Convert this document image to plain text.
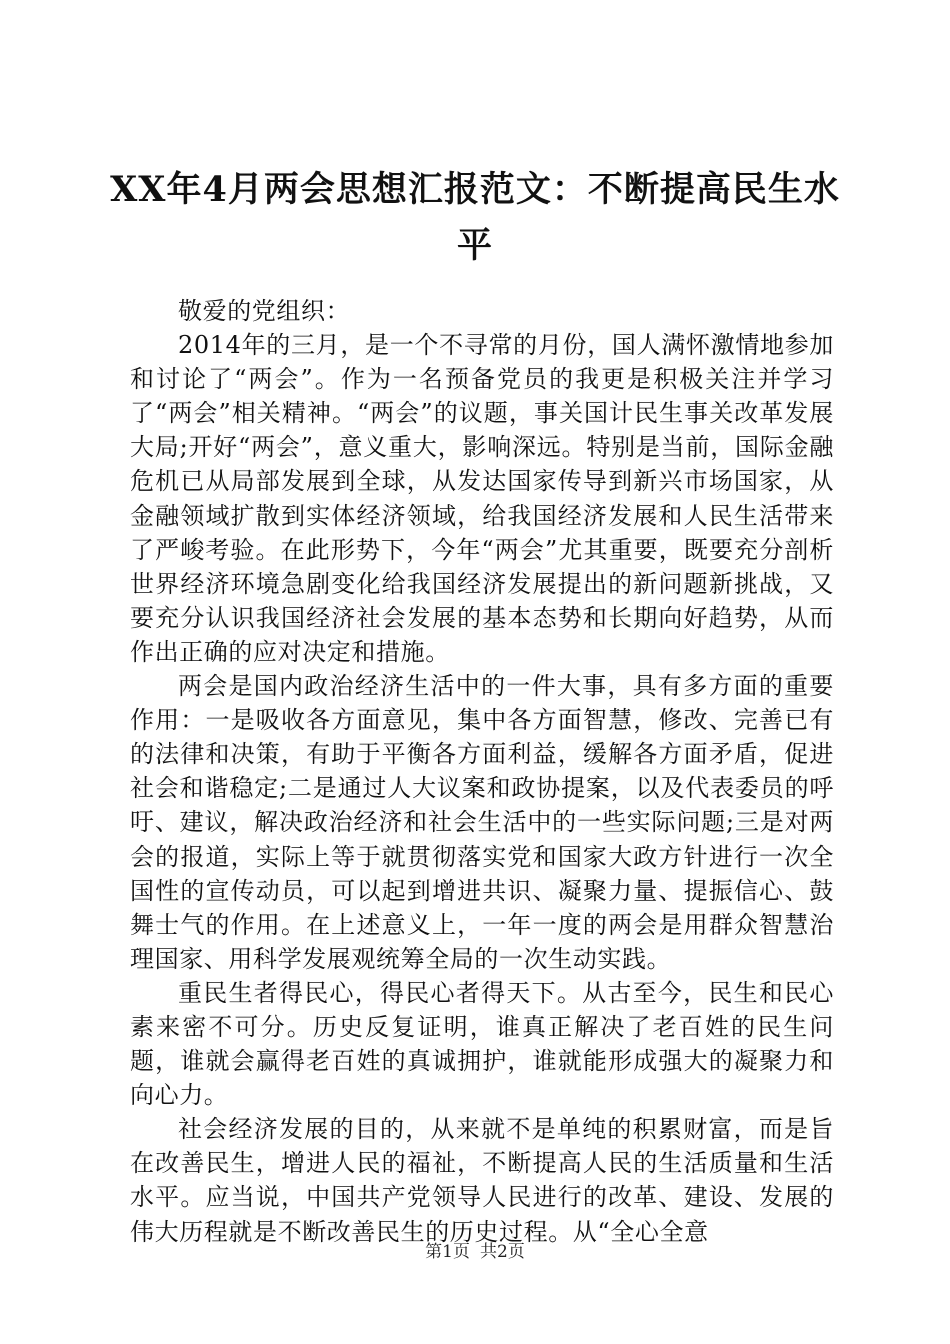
XX年4月两会思想汇报范文：不断提高民生水平

敬爱的党组织：

2014年的三月，是一个不寻常的月份，国人满怀激情地参加和讨论了“两会”。作为一名预备党员的我更是积极关注并学习了“两会”相关精神。“两会”的议题，事关国计民生事关改革发展大局;开好“两会”，意义重大，影响深远。特别是当前，国际金融危机已从局部发展到全球，从发达国家传导到新兴市场国家，从金融领域扩散到实体经济领域，给我国经济发展和人民生活带来了严峻考验。在此形势下，今年“两会”尤其重要，既要充分剖析世界经济环境急剧变化给我国经济发展提出的新问题新挑战，又要充分认识我国经济社会发展的基本态势和长期向好趋势，从而作出正确的应对决定和措施。

两会是国内政治经济生活中的一件大事，具有多方面的重要作用：一是吸收各方面意见，集中各方面智慧，修改、完善已有的法律和决策，有助于平衡各方面利益，缓解各方面矛盾，促进社会和谐稳定;二是通过人大议案和政协提案，以及代表委员的呼吁、建议，解决政治经济和社会生活中的一些实际问题;三是对两会的报道，实际上等于就贯彻落实党和国家大政方针进行一次全国性的宣传动员，可以起到增进共识、凝聚力量、提振信心、鼓舞士气的作用。在上述意义上，一年一度的两会是用群众智慧治理国家、用科学发展观统筹全局的一次生动实践。

重民生者得民心，得民心者得天下。从古至今，民生和民心素来密不可分。历史反复证明，谁真正解决了老百姓的民生问题，谁就会赢得老百姓的真诚拥护，谁就能形成强大的凝聚力和向心力。

社会经济发展的目的，从来就不是单纯的积累财富，而是旨在改善民生，增进人民的福祉，不断提高人民的生活质量和生活水平。应当说，中国共产党领导人民进行的改革、建设、发展的伟大历程就是不断改善民生的历史过程。从“全心全意

第1页 共2页
